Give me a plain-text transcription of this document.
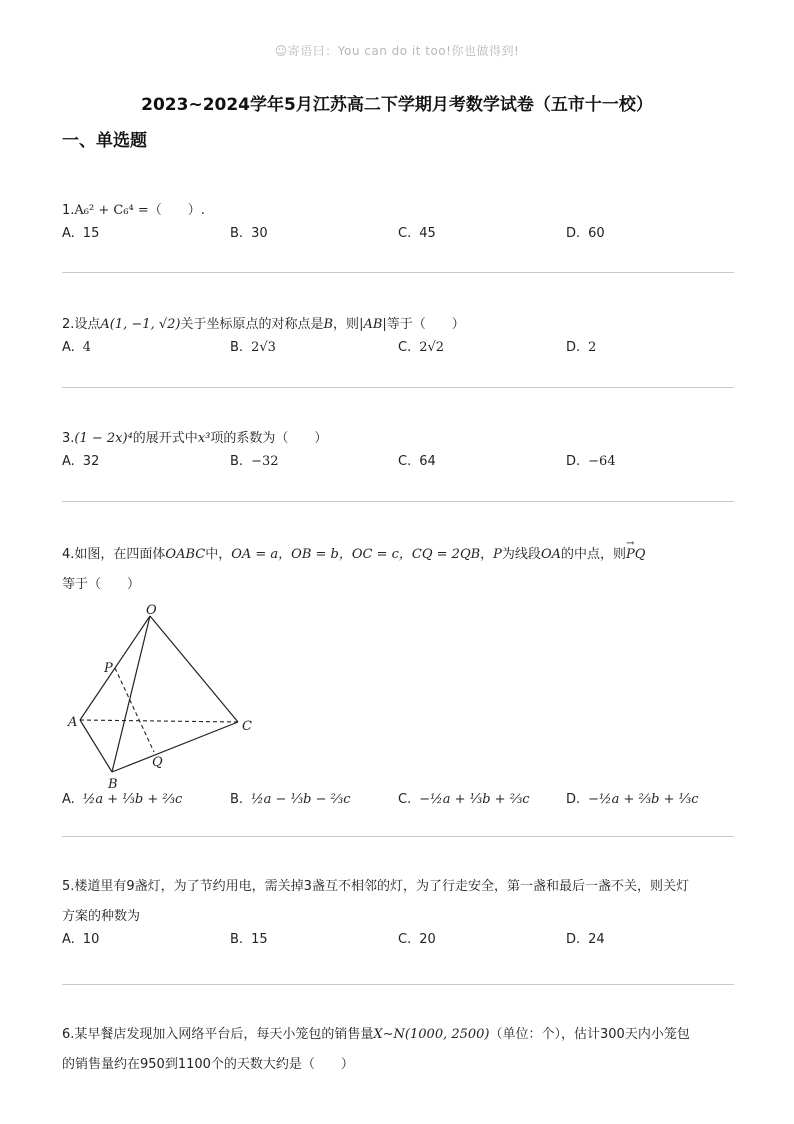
☺寄语曰：You can do it too!你也做得到!
2023~2024学年5月江苏高二下学期月考数学试卷（五市十一校）
一、单选题
1.A₆² + C₆⁴ =（　　）.
A. 15	B. 30	C. 45	D. 60
2.设点A(1, −1, √2)关于坐标原点的对称点是B，则|AB|等于（　　）
A. 4	B. 2√3	C. 2√2	D. 2
3.(1 − 2x)⁴的展开式中x³项的系数为（　　）
A. 32	B. −32	C. 64	D. −64
4.如图，在四面体OABC中，OA = a，OB = b，OC = c，CQ = 2QB，P为线段OA的中点，则→ PQ
等于（　　）
O
P
A
B
C
Q
A. ½a + ⅓b + ⅔c	B. ½a − ⅓b − ⅔c	C. −½a + ⅓b + ⅔c	D. −½a + ⅔b + ⅓c
5.楼道里有9盏灯，为了节约用电，需关掉3盏互不相邻的灯，为了行走安全，第一盏和最后一盏不关，则关灯
方案的种数为
A. 10	B. 15	C. 20	D. 24
6.某早餐店发现加入网络平台后，每天小笼包的销售量X∼N(1000, 2500)（单位：个），估计300天内小笼包
的销售量约在950到1100个的天数大约是（　　）
